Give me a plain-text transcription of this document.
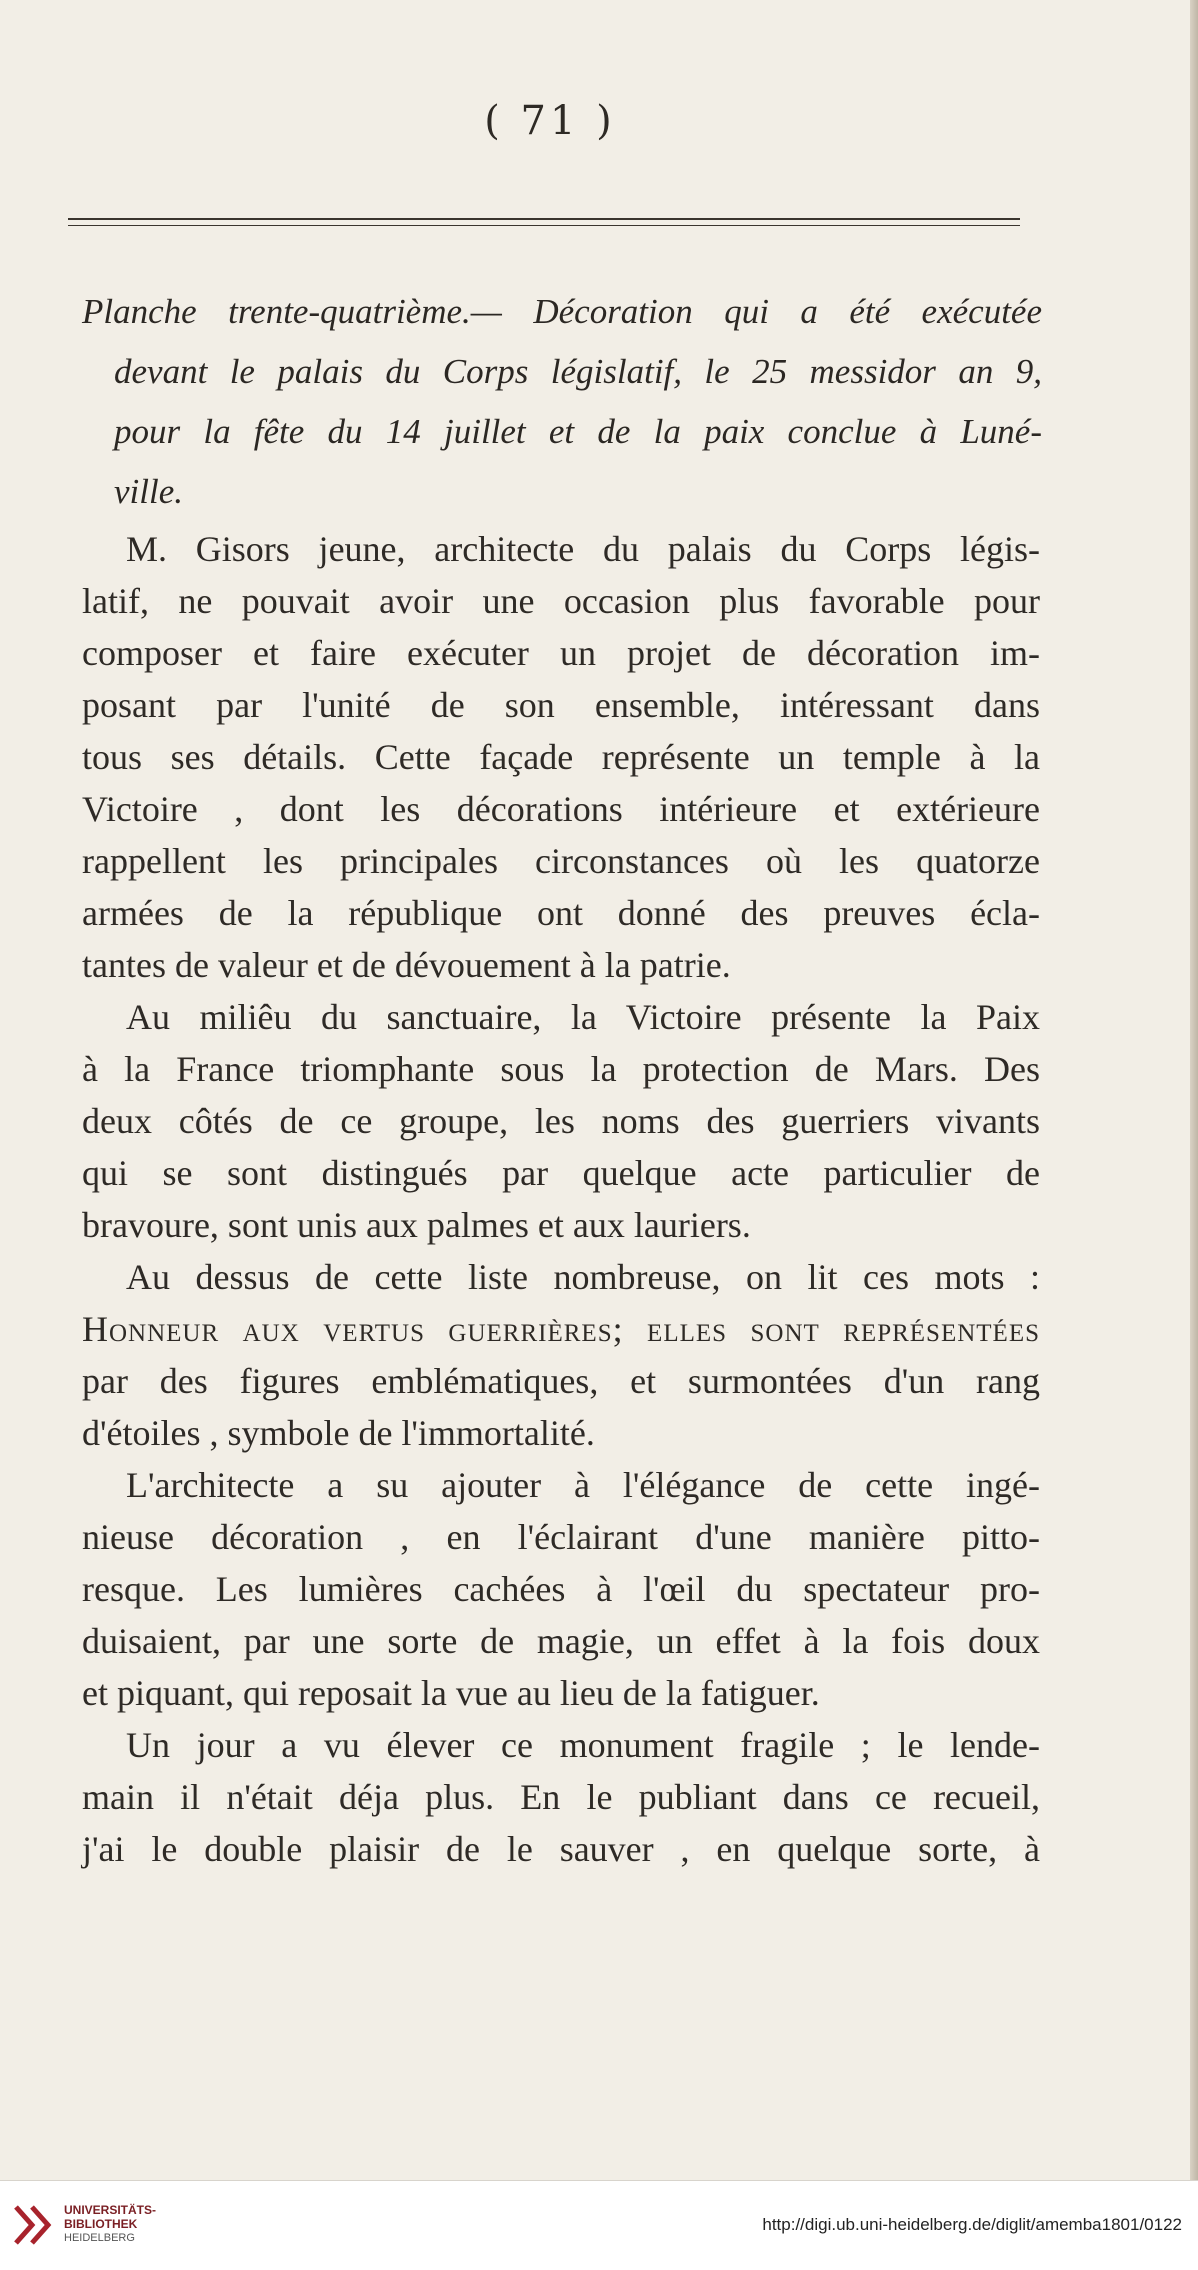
( 71 )
Planche trente-quatrième.— Décoration qui a été exécutée
devant le palais du Corps législatif, le 25 messidor an 9,
pour la fête du 14 juillet et de la paix conclue à Luné-
ville.
M. Gisors jeune, architecte du palais du Corps légis-
latif, ne pouvait avoir une occasion plus favorable pour
composer et faire exécuter un projet de décoration im-
posant par l'unité de son ensemble, intéressant dans
tous ses détails. Cette façade représente un temple à la
Victoire , dont les décorations intérieure et extérieure
rappellent les principales circonstances où les quatorze
armées de la république ont donné des preuves écla-
tantes de valeur et de dévouement à la patrie.
Au miliêu du sanctuaire, la Victoire présente la Paix
à la France triomphante sous la protection de Mars. Des
deux côtés de ce groupe, les noms des guerriers vivants
qui se sont distingués par quelque acte particulier de
bravoure, sont unis aux palmes et aux lauriers.
Au dessus de cette liste nombreuse, on lit ces mots :
Honneur aux vertus guerrières; elles sont représentées
par des figures emblématiques, et surmontées d'un rang
d'étoiles , symbole de l'immortalité.
L'architecte a su ajouter à l'élégance de cette ingé-
nieuse décoration , en l'éclairant d'une manière pitto-
resque. Les lumières cachées à l'œil du spectateur pro-
duisaient, par une sorte de magie, un effet à la fois doux
et piquant, qui reposait la vue au lieu de la fatiguer.
Un jour a vu élever ce monument fragile ; le lende-
main il n'était déja plus. En le publiant dans ce recueil,
j'ai le double plaisir de le sauver , en quelque sorte, à
UNIVERSITÄTS-
BIBLIOTHEK
HEIDELBERG
http://digi.ub.uni-heidelberg.de/diglit/amemba1801/0122
